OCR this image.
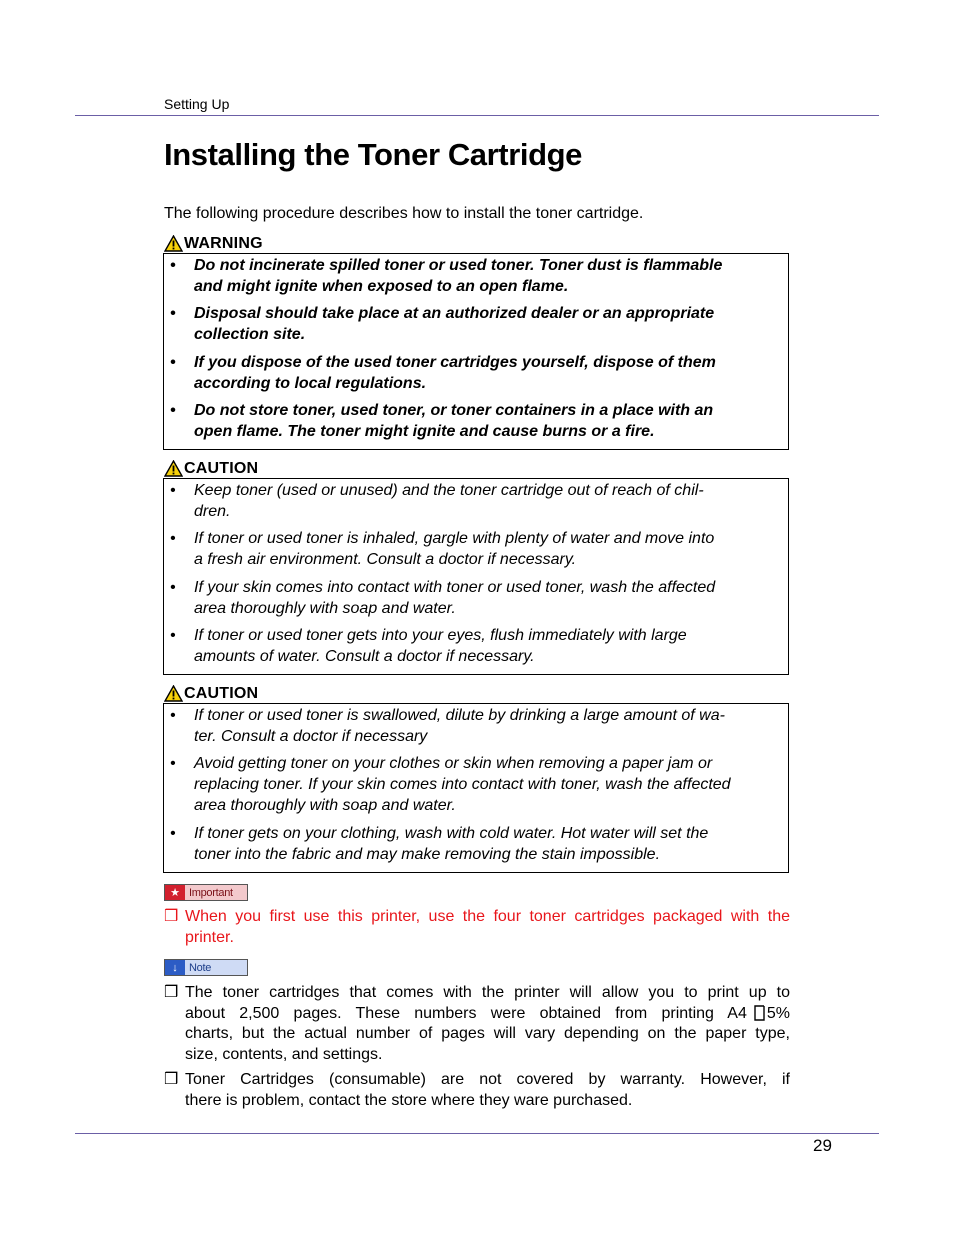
Setting Up
Installing the Toner Cartridge

The following procedure describes how to install the toner cartridge.

WARNING
• Do not incinerate spilled toner or used toner. Toner dust is flammable
and might ignite when exposed to an open flame.
• Disposal should take place at an authorized dealer or an appropriate
collection site.
• If you dispose of the used toner cartridges yourself, dispose of them
according to local regulations.
• Do not store toner, used toner, or toner containers in a place with an
open flame. The toner might ignite and cause burns or a fire.
CAUTION
• Keep toner (used or unused) and the toner cartridge out of reach of chil-
dren.
• If toner or used toner is inhaled, gargle with plenty of water and move into
a fresh air environment. Consult a doctor if necessary.
• If your skin comes into contact with toner or used toner, wash the affected
area thoroughly with soap and water.
• If toner or used toner gets into your eyes, flush immediately with large
amounts of water. Consult a doctor if necessary.
CAUTION
• If toner or used toner is swallowed, dilute by drinking a large amount of wa-
ter. Consult a doctor if necessary
• Avoid getting toner on your clothes or skin when removing a paper jam or
replacing toner. If your skin comes into contact with toner, wash the affected
area thoroughly with soap and water.
• If toner gets on your clothing, wash with cold water. Hot water will set the
toner into the fabric and may make removing the stain impossible.
★ Important
❒ When you first use this printer, use the four toner cartridges packaged with the
printer.
↓	Note
❒ The toner cartridges that comes with the printer will allow you to print up to
about 2,500 pages. These numbers were obtained from printing A4 5%
charts, but the actual number of pages will vary depending on the paper type,
size, contents, and settings.
❒ Toner Cartridges (consumable) are not covered by warranty. However, if
there is problem, contact the store where they ware purchased.
29
